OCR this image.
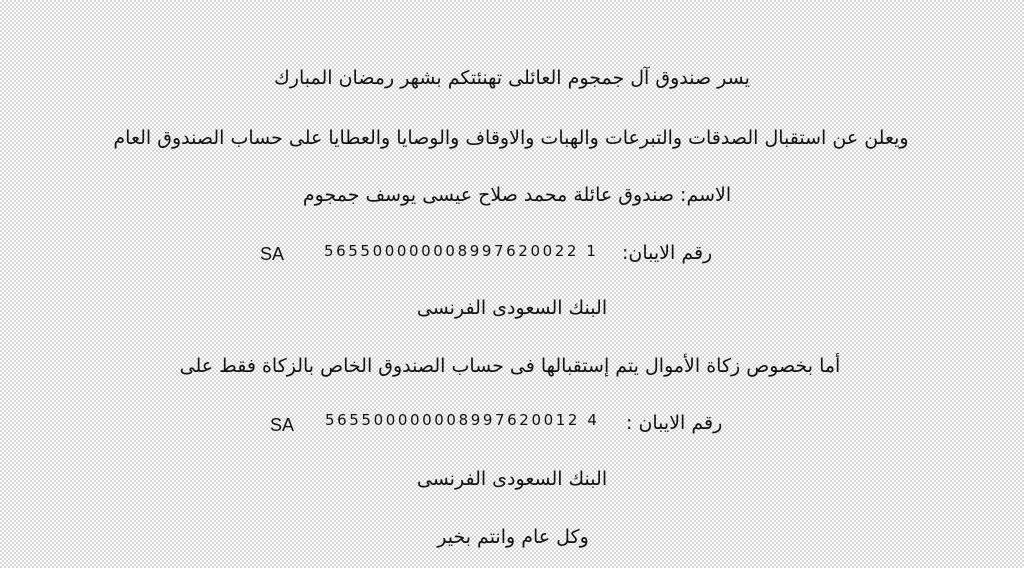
يسر صندوق آل جمجوم العائلى تهنئتكم بشهر رمضان المبارك
ويعلن عن استقبال الصدقات والتبرعات والهبات والاوقاف والوصايا والعطايا على حساب الصندوق العام
الاسم: صندوق عائلة محمد صلاح عيسى يوسف جمجوم
SA	565500000008997620022 1 رقم الايبان:
البنك السعودى الفرنسى
أما بخصوص زكاة الأموال يتم إستقبالها فى حساب الصندوق الخاص بالزكاة فقط على
SA 565500000008997620012 4 رقم الايبان :
البنك السعودى الفرنسى
وكل عام وانتم بخير
